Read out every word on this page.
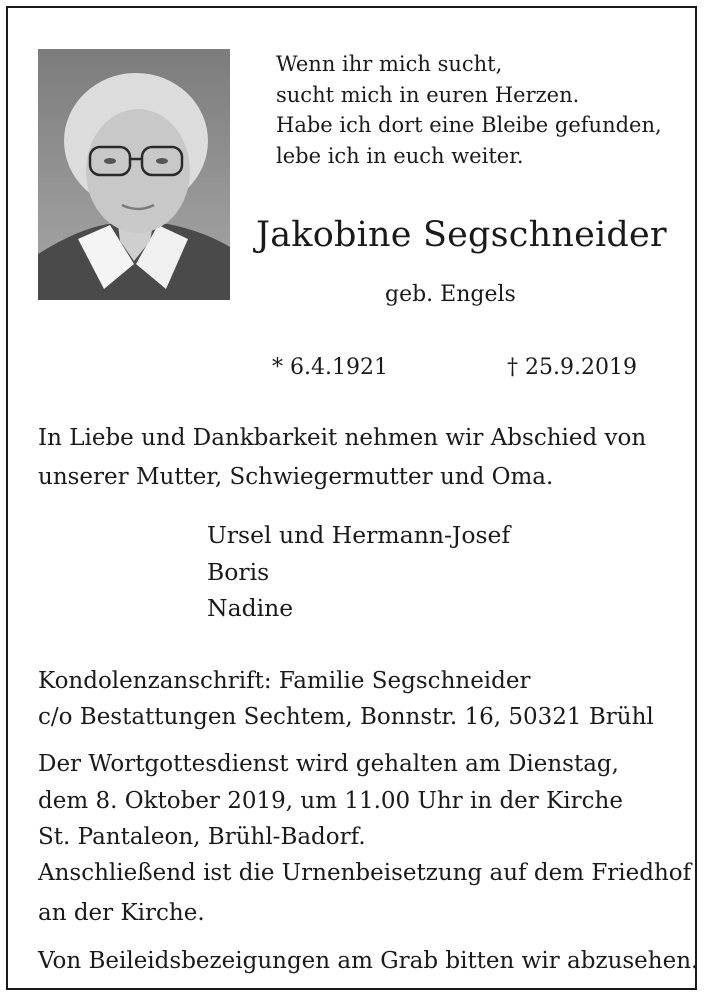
Wenn ihr mich sucht,
sucht mich in euren Herzen.
Habe ich dort eine Bleibe gefunden,
lebe ich in euch weiter.
Jakobine Segschneider
geb. Engels
* 6.4.1921	† 25.9.2019
In Liebe und Dankbarkeit nehmen wir Abschied von
unserer Mutter, Schwiegermutter und Oma.
Ursel und Hermann-Josef
Boris
Nadine
Kondolenzanschrift: Familie Segschneider
c/o Bestattungen Sechtem, Bonnstr. 16, 50321 Brühl
Der Wortgottesdienst wird gehalten am Dienstag,
dem 8. Oktober 2019, um 11.00 Uhr in der Kirche
St. Pantaleon, Brühl-Badorf.
Anschließend ist die Urnenbeisetzung auf dem Friedhof
an der Kirche.
Von Beileidsbezeigungen am Grab bitten wir abzusehen.
